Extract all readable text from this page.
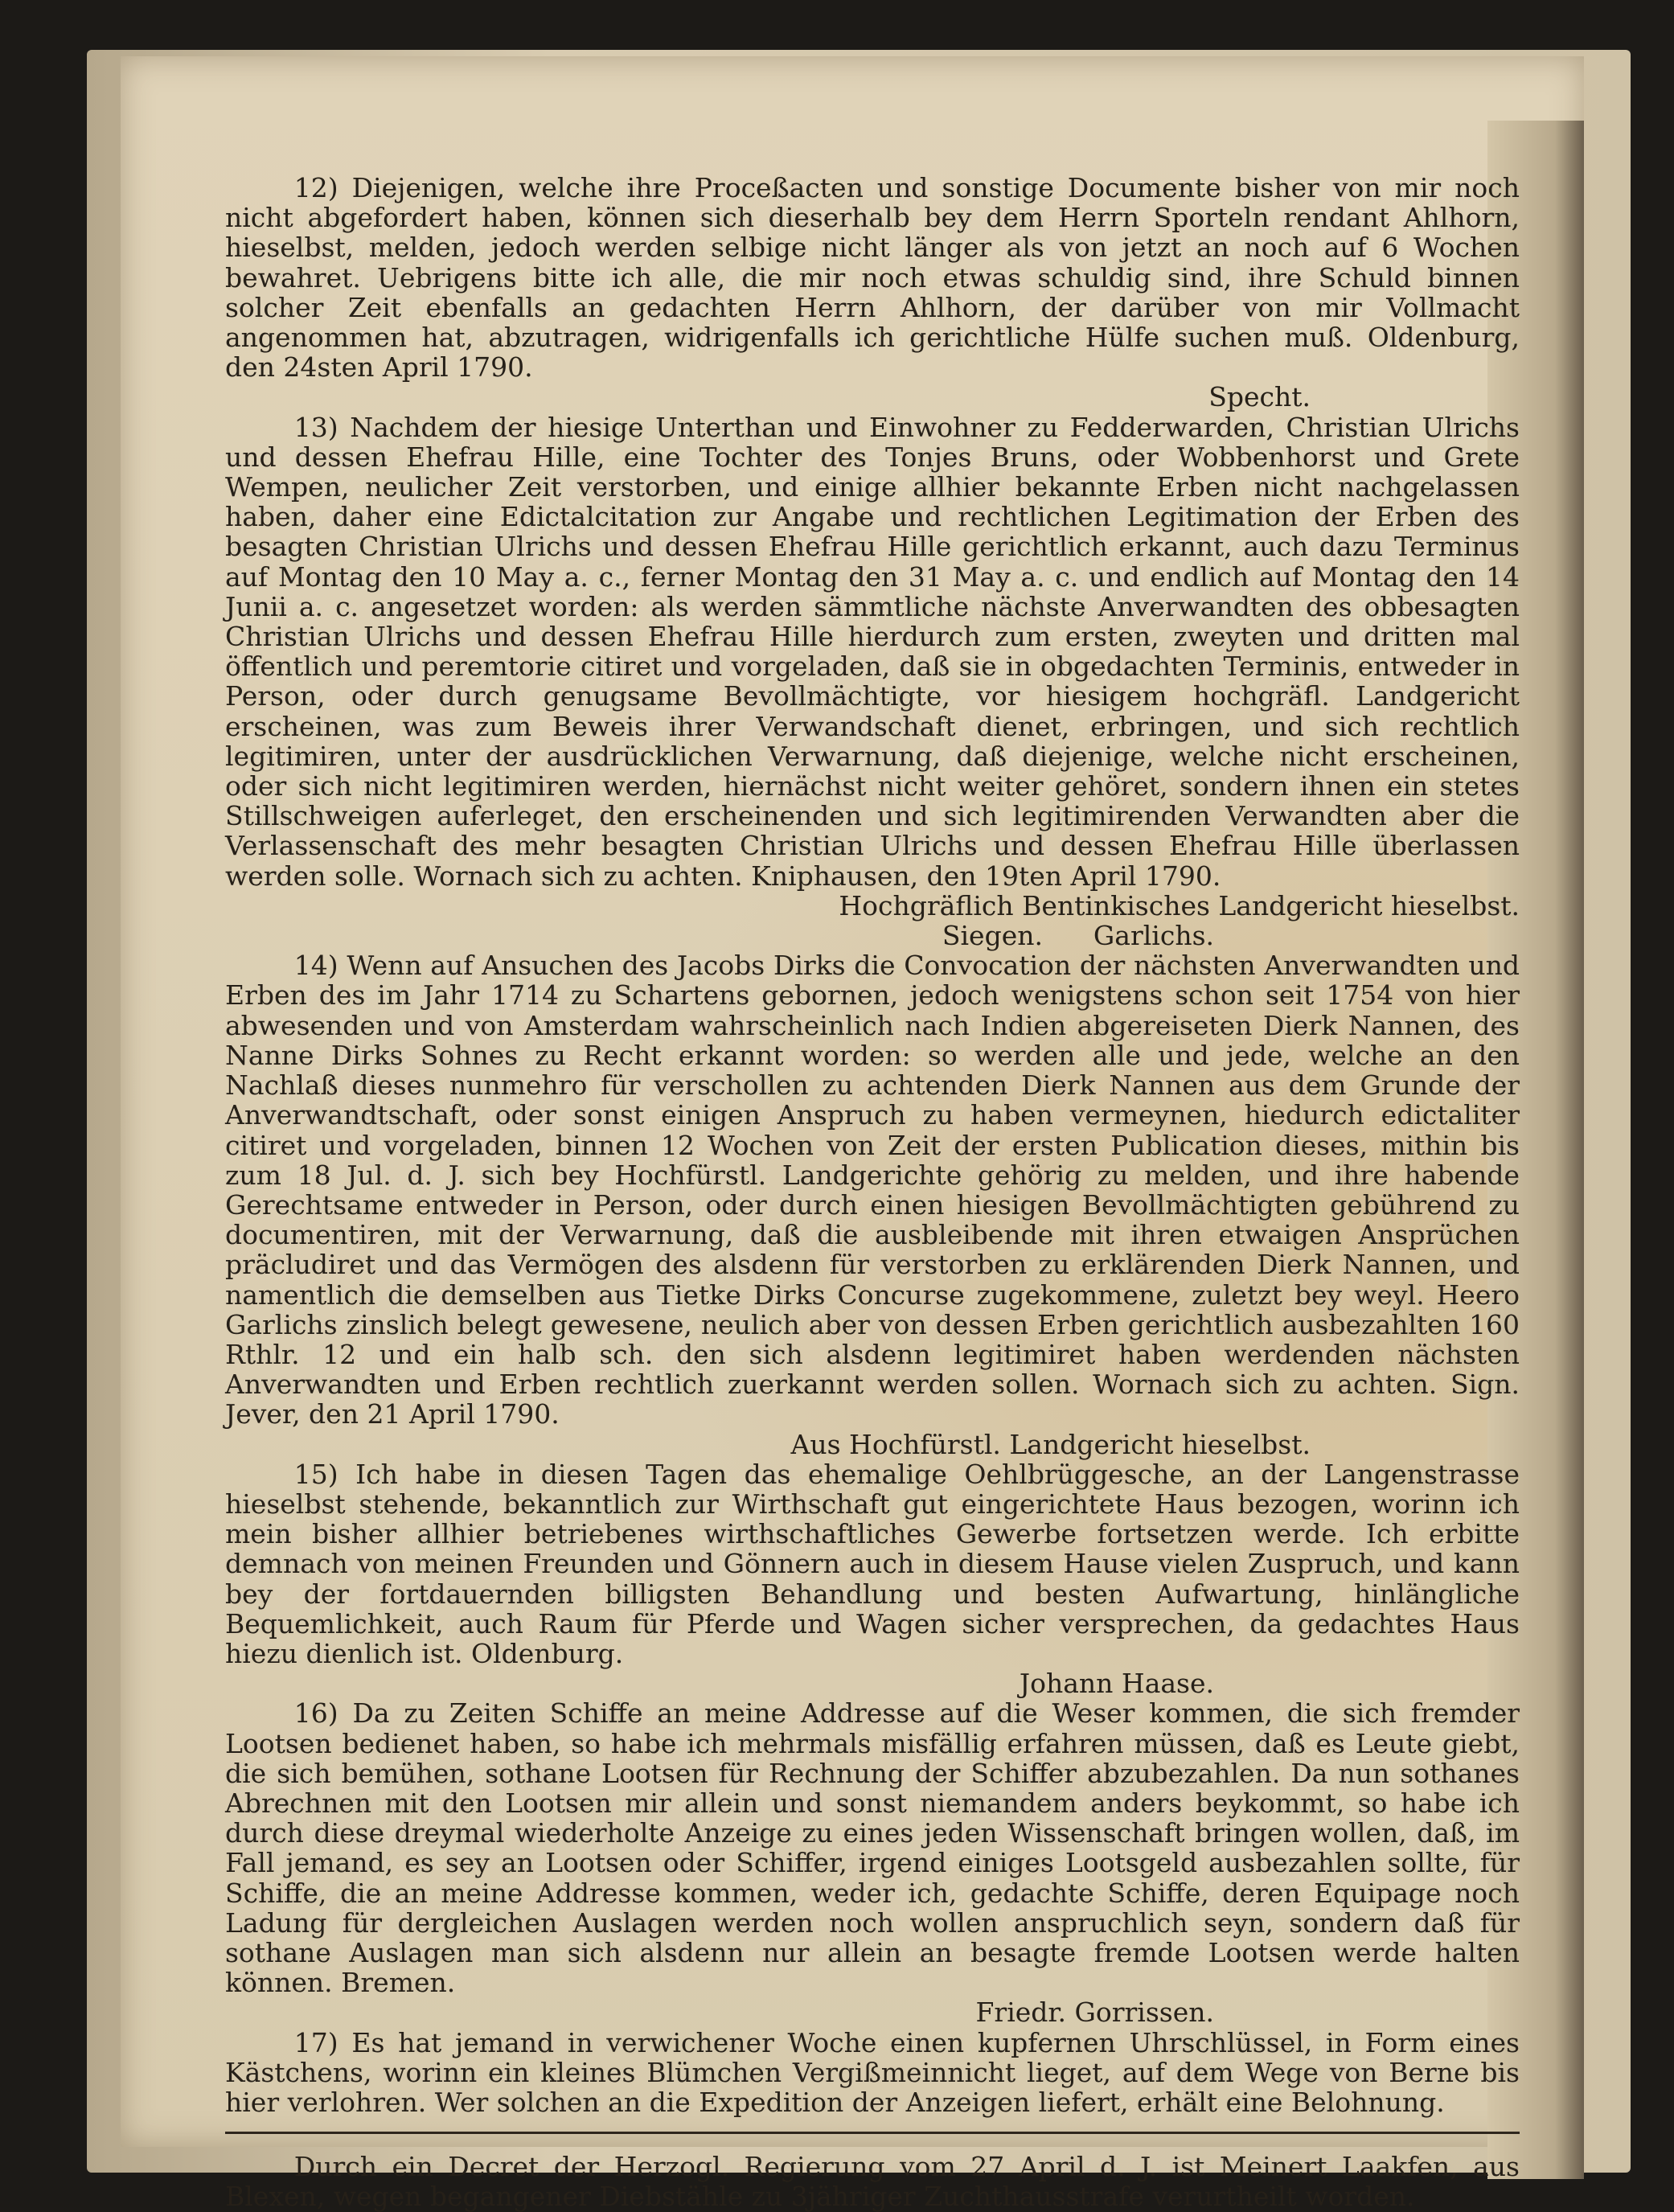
12) Diejenigen, welche ihre Proceßacten und sonstige Documente bisher von mir noch nicht abgefordert haben, können sich dieserhalb bey dem Herrn Sporteln rendant Ahlhorn, hieselbst, melden, jedoch werden selbige nicht länger als von jetzt an noch auf 6 Wochen bewahret. Uebrigens bitte ich alle, die mir noch etwas schuldig sind, ihre Schuld binnen solcher Zeit ebenfalls an gedachten Herrn Ahlhorn, der darüber von mir Vollmacht angenommen hat, abzutragen, widrigenfalls ich gerichtliche Hülfe suchen muß. Oldenburg, den 24sten April 1790.

Specht.

13) Nachdem der hiesige Unterthan und Einwohner zu Fedderwarden, Christian Ulrichs und dessen Ehefrau Hille, eine Tochter des Tonjes Bruns, oder Wobbenhorst und Grete Wempen, neulicher Zeit verstorben, und einige allhier bekannte Erben nicht nachgelassen haben, daher eine Edictalcitation zur Angabe und rechtlichen Legitimation der Erben des besagten Christian Ulrichs und dessen Ehefrau Hille gerichtlich erkannt, auch dazu Terminus auf Montag den 10 May a. c., ferner Montag den 31 May a. c. und endlich auf Montag den 14 Junii a. c. angesetzet worden: als werden sämmtliche nächste Anverwandten des obbesagten Christian Ulrichs und dessen Ehefrau Hille hierdurch zum ersten, zweyten und dritten mal öffentlich und peremtorie citiret und vorgeladen, daß sie in obgedachten Terminis, entweder in Person, oder durch genugsame Bevollmächtigte, vor hiesigem hochgräfl. Landgericht erscheinen, was zum Beweis ihrer Verwandschaft dienet, erbringen, und sich rechtlich legitimiren, unter der ausdrücklichen Verwarnung, daß diejenige, welche nicht erscheinen, oder sich nicht legitimiren werden, hiernächst nicht weiter gehöret, sondern ihnen ein stetes Stillschweigen auferleget, den erscheinenden und sich legitimirenden Verwandten aber die Verlassenschaft des mehr besagten Christian Ulrichs und dessen Ehefrau Hille überlassen werden solle. Wornach sich zu achten. Kniphausen, den 19ten April 1790.

Hochgräflich Bentinkisches Landgericht hieselbst.
Siegen.      Garlichs.

14) Wenn auf Ansuchen des Jacobs Dirks die Convocation der nächsten Anverwandten und Erben des im Jahr 1714 zu Schartens gebornen, jedoch wenigstens schon seit 1754 von hier abwesenden und von Amsterdam wahrscheinlich nach Indien abgereiseten Dierk Nannen, des Nanne Dirks Sohnes zu Recht erkannt worden: so werden alle und jede, welche an den Nachlaß dieses nunmehro für verschollen zu achtenden Dierk Nannen aus dem Grunde der Anverwandtschaft, oder sonst einigen Anspruch zu haben vermeynen, hiedurch edictaliter citiret und vorgeladen, binnen 12 Wochen von Zeit der ersten Publication dieses, mithin bis zum 18 Jul. d. J. sich bey Hochfürstl. Landgerichte gehörig zu melden, und ihre habende Gerechtsame entweder in Person, oder durch einen hiesigen Bevollmächtigten gebührend zu documentiren, mit der Verwarnung, daß die ausbleibende mit ihren etwaigen Ansprüchen präcludiret und das Vermögen des alsdenn für verstorben zu erklärenden Dierk Nannen, und namentlich die demselben aus Tietke Dirks Concurse zugekommene, zuletzt bey weyl. Heero Garlichs zinslich belegt gewesene, neulich aber von dessen Erben gerichtlich ausbezahlten 160 Rthlr. 12 und ein halb sch. den sich alsdenn legitimiret haben werdenden nächsten Anverwandten und Erben rechtlich zuerkannt werden sollen. Wornach sich zu achten. Sign. Jever, den 21 April 1790.

Aus Hochfürstl. Landgericht hieselbst.

15) Ich habe in diesen Tagen das ehemalige Oehlbrüggesche, an der Langenstrasse hieselbst stehende, bekanntlich zur Wirthschaft gut eingerichtete Haus bezogen, worinn ich mein bisher allhier betriebenes wirthschaftliches Gewerbe fortsetzen werde. Ich erbitte demnach von meinen Freunden und Gönnern auch in diesem Hause vielen Zuspruch, und kann bey der fortdauernden billigsten Behandlung und besten Aufwartung, hinlängliche Bequemlichkeit, auch Raum für Pferde und Wagen sicher versprechen, da gedachtes Haus hiezu dienlich ist. Oldenburg.

Johann Haase.

16) Da zu Zeiten Schiffe an meine Addresse auf die Weser kommen, die sich fremder Lootsen bedienet haben, so habe ich mehrmals misfällig erfahren müssen, daß es Leute giebt, die sich bemühen, sothane Lootsen für Rechnung der Schiffer abzubezahlen. Da nun sothanes Abrechnen mit den Lootsen mir allein und sonst niemandem anders beykommt, so habe ich durch diese dreymal wiederholte Anzeige zu eines jeden Wissenschaft bringen wollen, daß, im Fall jemand, es sey an Lootsen oder Schiffer, irgend einiges Lootsgeld ausbezahlen sollte, für Schiffe, die an meine Addresse kommen, weder ich, gedachte Schiffe, deren Equipage noch Ladung für dergleichen Auslagen werden noch wollen anspruchlich seyn, sondern daß für sothane Auslagen man sich alsdenn nur allein an besagte fremde Lootsen werde halten können. Bremen.

Friedr. Gorrissen.

17) Es hat jemand in verwichener Woche einen kupfernen Uhrschlüssel, in Form eines Kästchens, worinn ein kleines Blümchen Vergißmeinnicht lieget, auf dem Wege von Berne bis hier verlohren. Wer solchen an die Expedition der Anzeigen liefert, erhält eine Belohnung.

Durch ein Decret der Herzogl. Regierung vom 27 April d. J. ist Meinert Laakfen, aus Blexen, wegen begangener Diebstähle zu 3jähriger Zuchthausstrafe verurtheilt worden.
